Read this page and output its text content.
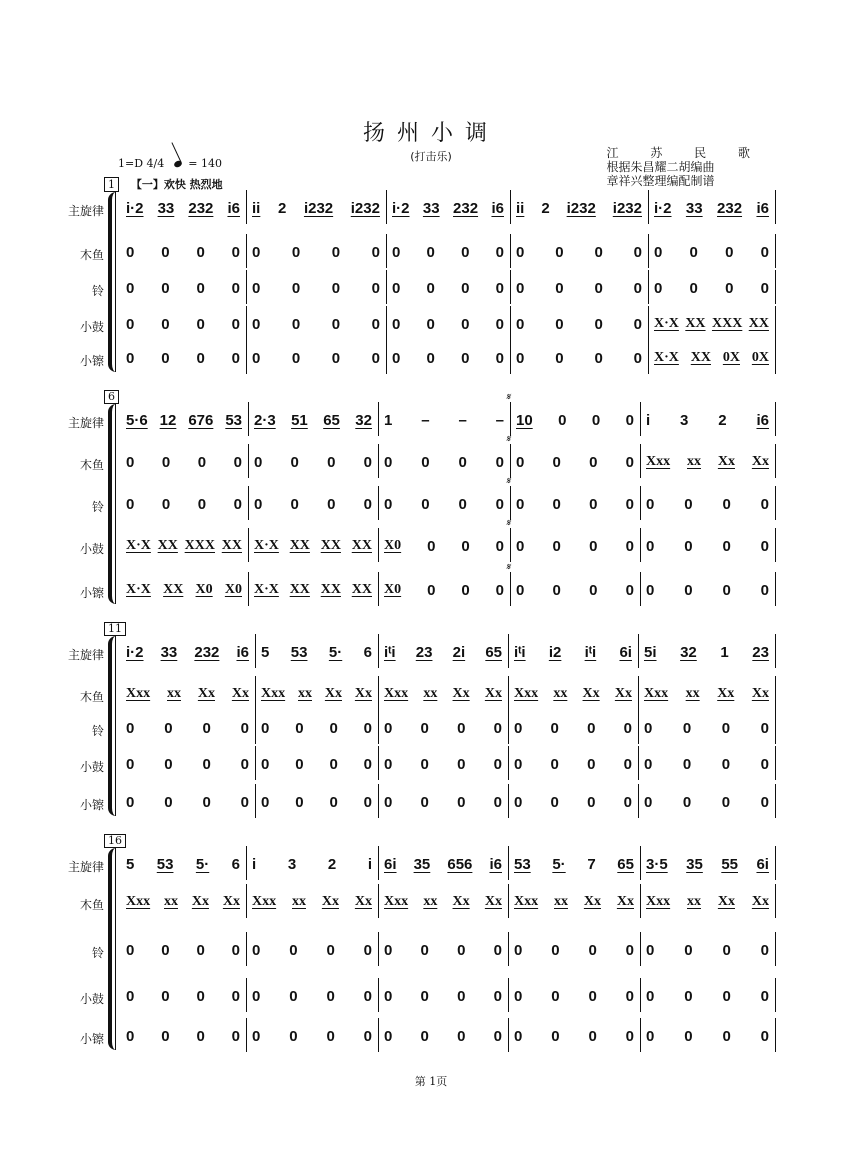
扬州小调
(打击乐)	江 苏 民 歌
根据朱昌耀二胡编曲
章祥兴整理编配制谱
1=D 4/4 = 140
1 【一】欢快 热烈地
主旋律 i·2 33 232 i6 ii 2 i232 i232 i·2 33 232 i6 ii 2 i232 i232 i·2 33 232 i6
木鱼 0 0 0 0 0 0 0 0 0 0 0 0 0 0 0 0 0 0 0 0
铃 0 0 0 0 0 0 0 0 0 0 0 0 0 0 0 0 0 0 0 0
小鼓 0 0 0 0 0 0 0 0 0 0 0 0 0 0 0 0 X·X XX XXX XX
小镲 0 0 0 0 0 0 0 0 0 0 0 0 0 0 0 0 X·X XX 0X 0X
6
主旋律 5·6 12 676 53 2·3 51 65 32 1 – – – 10 0 0 0 i 3 2 i6
𝄋
木鱼 0 0 0 0 0 0 0 0 0 0 0 0 0 0 0 0 Xxx xx Xx Xx
𝄋
铃 0 0 0 0 0 0 0 0 0 0 0 0 0 0 0 0 0 0 0 0
𝄋
小鼓 X·X XX XXX XX X·X XX XX XX X0 0 0 0 0 0 0 0 0 0 0 0
𝄋
小镲 X·X XX X0 X0 X·X XX XX XX X0 0 0 0 0 0 0 0 0 0 0 0
𝄋
11
主旋律 i·2 33 232 i6 5 53 5· 6 iᵗi 23 2i 65 iᵗi i2 iᵗi 6i 5i 32 1 23
木鱼 Xxx xx Xx Xx Xxx xx Xx Xx Xxx xx Xx Xx Xxx xx Xx Xx Xxx xx Xx Xx
铃 0 0 0 0 0 0 0 0 0 0 0 0 0 0 0 0 0 0 0 0
小鼓 0 0 0 0 0 0 0 0 0 0 0 0 0 0 0 0 0 0 0 0
小镲 0 0 0 0 0 0 0 0 0 0 0 0 0 0 0 0 0 0 0 0
16
主旋律 5 53 5· 6 i 3 2 i 6i 35 656 i6 53 5· 7 65 3·5 35 55 6i
木鱼 Xxx xx Xx Xx Xxx xx Xx Xx Xxx xx Xx Xx Xxx xx Xx Xx Xxx xx Xx Xx
铃 0 0 0 0 0 0 0 0 0 0 0 0 0 0 0 0 0 0 0 0
小鼓 0 0 0 0 0 0 0 0 0 0 0 0 0 0 0 0 0 0 0 0
小镲 0 0 0 0 0 0 0 0 0 0 0 0 0 0 0 0 0 0 0 0
第 1页
